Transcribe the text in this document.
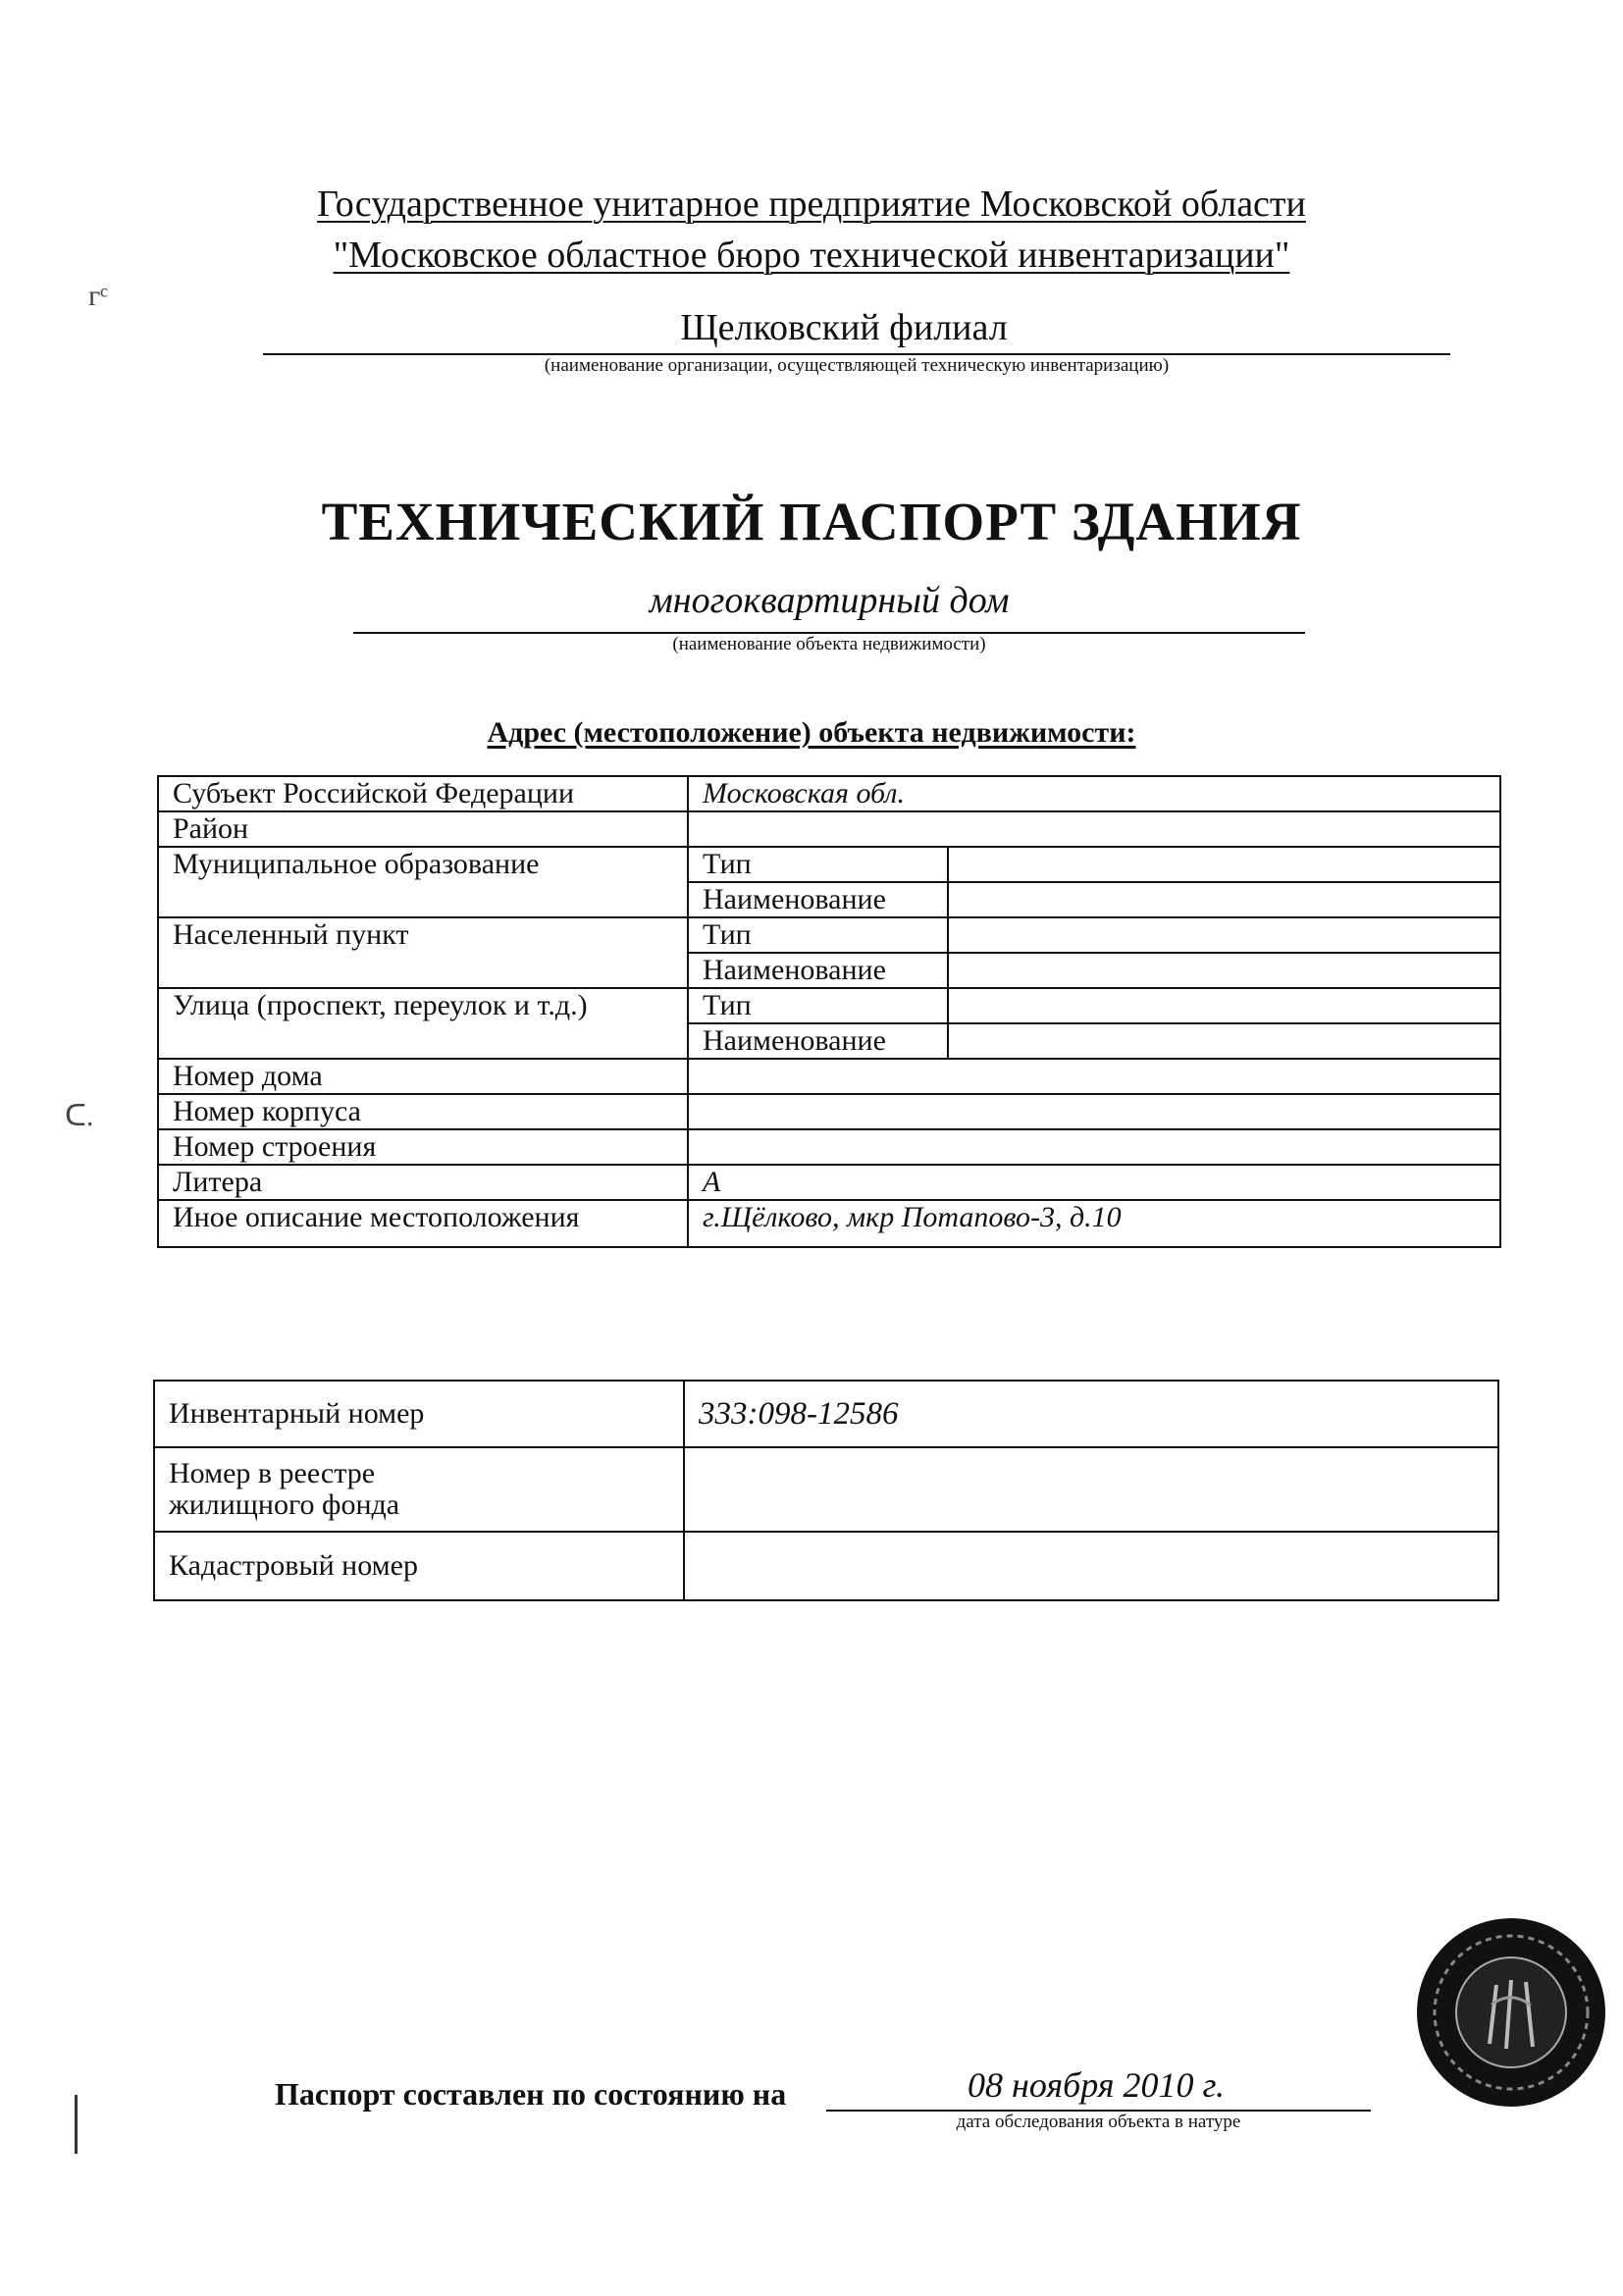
Государственное унитарное предприятие Московской области
"Московское областное бюро технической инвентаризации"
Щелковский филиал
(наименование организации, осуществляющей техническую инвентаризацию)
ТЕХНИЧЕСКИЙ ПАСПОРТ ЗДАНИЯ
многоквартирный дом
(наименование объекта недвижимости)
Адрес (местоположение) объекта недвижимости:
Субъект Российской Федерации	Московская обл.	
Район		
Муниципальное образование	Тип	
	Наименование	
Населенный пункт	Тип	
	Наименование	
Улица (проспект, переулок и т.д.)	Тип	
	Наименование	
Номер дома		
Номер корпуса		
Номер строения		
Литера	А	
Иное описание местоположения	г.Щёлково, мкр Потапово-3, д.10	
Инвентарный номер	333:098-12586

Номер в реестре
жилищного фонда	

Кадастровый номер	
ᴦᶜ
ᑕ.
Паспорт составлен по состоянию на	08 ноября 2010 г.
дата обследования объекта в натуре
